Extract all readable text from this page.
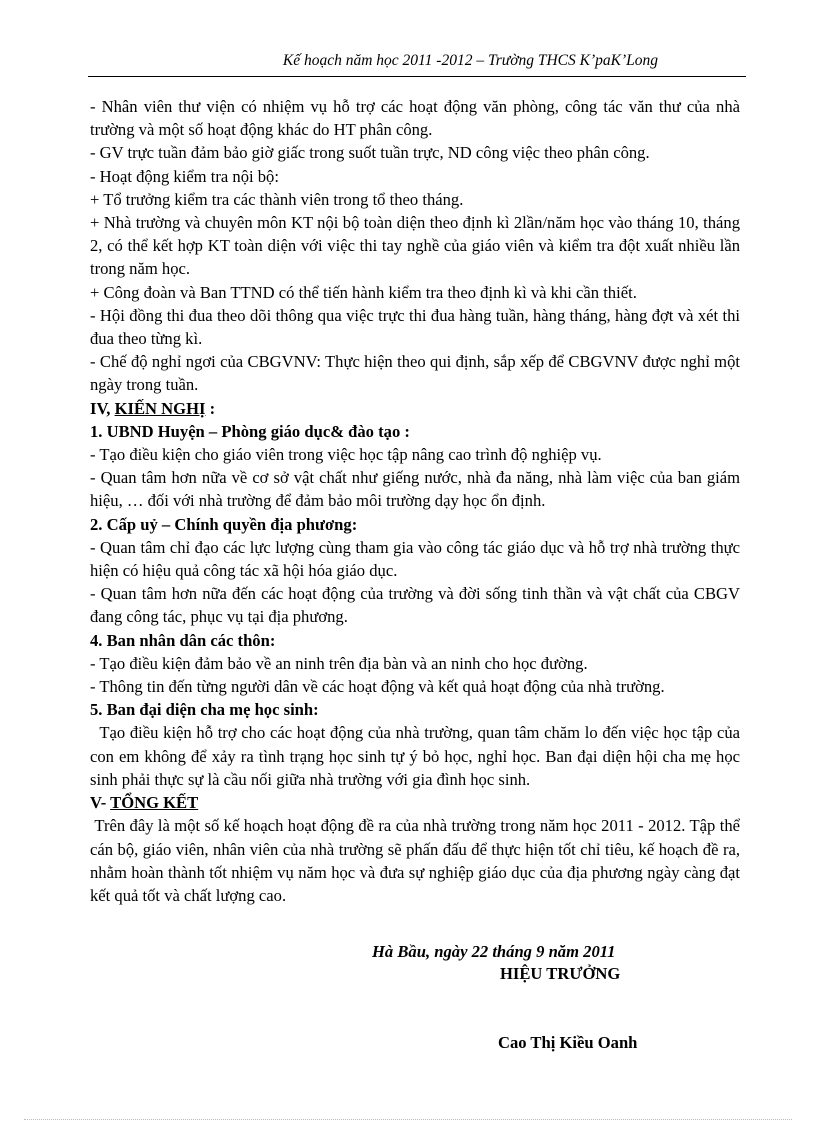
Kế hoạch năm học 2011 -2012 – Trường THCS K’paK’Long

- Nhân viên thư viện có nhiệm vụ hỗ trợ các hoạt động văn phòng, công tác văn thư của nhà trường và một số hoạt động khác do HT phân công.

- GV trực tuần đảm bảo giờ giấc trong suốt tuần trực, ND công việc theo phân công.

- Hoạt động kiểm tra nội bộ:

+ Tổ trưởng kiểm tra các thành viên trong tổ theo tháng.

+ Nhà trường và chuyên môn KT nội bộ toàn diện theo định kì 2lần/năm học vào tháng 10, tháng 2, có thể kết hợp KT toàn diện với việc thi tay nghề của giáo viên và kiểm tra đột xuất nhiều lần trong năm học.

+ Công đoàn và Ban TTND có thể tiến hành kiểm tra theo định kì và khi cần thiết.

- Hội đồng thi đua theo dõi thông qua việc trực thi đua hàng tuần, hàng tháng, hàng đợt và xét thi đua theo từng kì.

- Chế độ nghỉ ngơi của CBGVNV: Thực hiện theo qui định, sắp xếp để CBGVNV được nghỉ một ngày trong tuần.

IV, KIẾN NGHỊ :

1. UBND Huyện – Phòng giáo dục& đào tạo :

- Tạo điều kiện cho giáo viên trong việc học tập nâng cao trình độ nghiệp vụ.

- Quan tâm hơn nữa về cơ sở vật chất như giếng nước, nhà đa năng, nhà làm việc của ban giám hiệu, … đối với nhà trường để đảm bảo môi trường dạy học ổn định.

2. Cấp uỷ – Chính quyền địa phương:

- Quan tâm chỉ đạo các lực lượng cùng tham gia vào công tác giáo dục và hỗ trợ nhà trường thực hiện có hiệu quả công tác xã hội hóa giáo dục.

- Quan tâm hơn nữa đến các hoạt động của trường và đời sống tinh thần và vật chất của CBGV đang công tác, phục vụ tại địa phương.

4. Ban nhân dân các thôn:

- Tạo điều kiện đảm bảo về an ninh trên địa bàn và an ninh cho học đường.

- Thông tin đến từng người dân về các hoạt động và kết quả hoạt động của nhà trường.

5. Ban đại diện cha mẹ học sinh:

Tạo điều kiện hỗ trợ cho các hoạt động của nhà trường, quan tâm chăm lo đến việc học tập của con em không để xảy ra tình trạng học sinh tự ý bỏ học, nghỉ học. Ban đại diện hội cha mẹ học sinh phải thực sự là cầu nối giữa nhà trường với gia đình học sinh.

V- TỔNG KẾT

Trên đây là một số kế hoạch hoạt động đề ra của nhà trường trong năm học 2011 - 2012. Tập thể cán bộ, giáo viên, nhân viên của nhà trường sẽ phấn đấu để thực hiện tốt chỉ tiêu, kế hoạch đề ra, nhằm hoàn thành tốt nhiệm vụ năm học và đưa sự nghiệp giáo dục của địa phương ngày càng đạt kết quả tốt và chất lượng cao.

Hà Bầu, ngày 22 tháng 9 năm 2011
HIỆU TRƯỞNG
Cao Thị Kiều Oanh
